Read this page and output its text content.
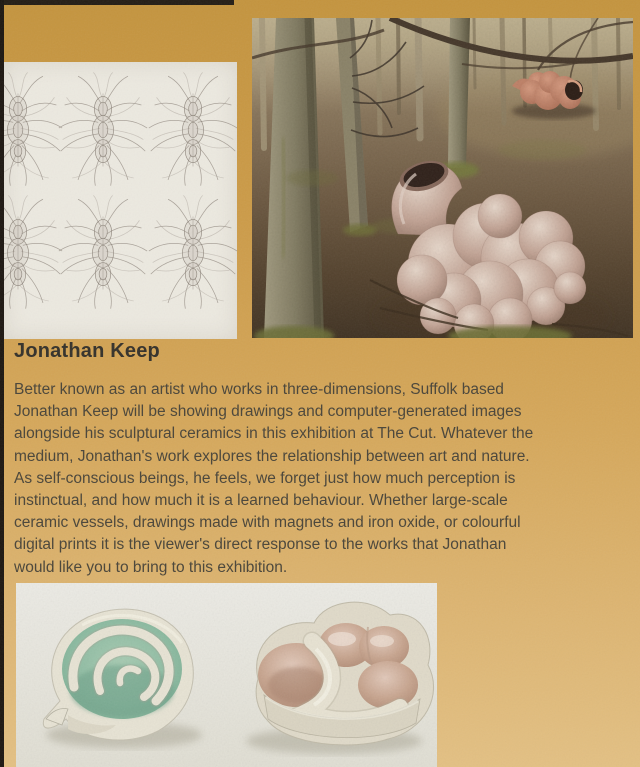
Jonathan Keep
Better known as an artist who works in three-dimensions, Suffolk based
Jonathan Keep will be showing drawings and computer-generated images
alongside his sculptural ceramics in this exhibition at The Cut. Whatever the
medium, Jonathan's work explores the relationship between art and nature.
As self-conscious beings, he feels, we forget just how much perception is
instinctual, and how much it is a learned behaviour. Whether large-scale
ceramic vessels, drawings made with magnets and iron oxide, or colourful
digital prints it is the viewer's direct response to the works that Jonathan
would like you to bring to this exhibition.
